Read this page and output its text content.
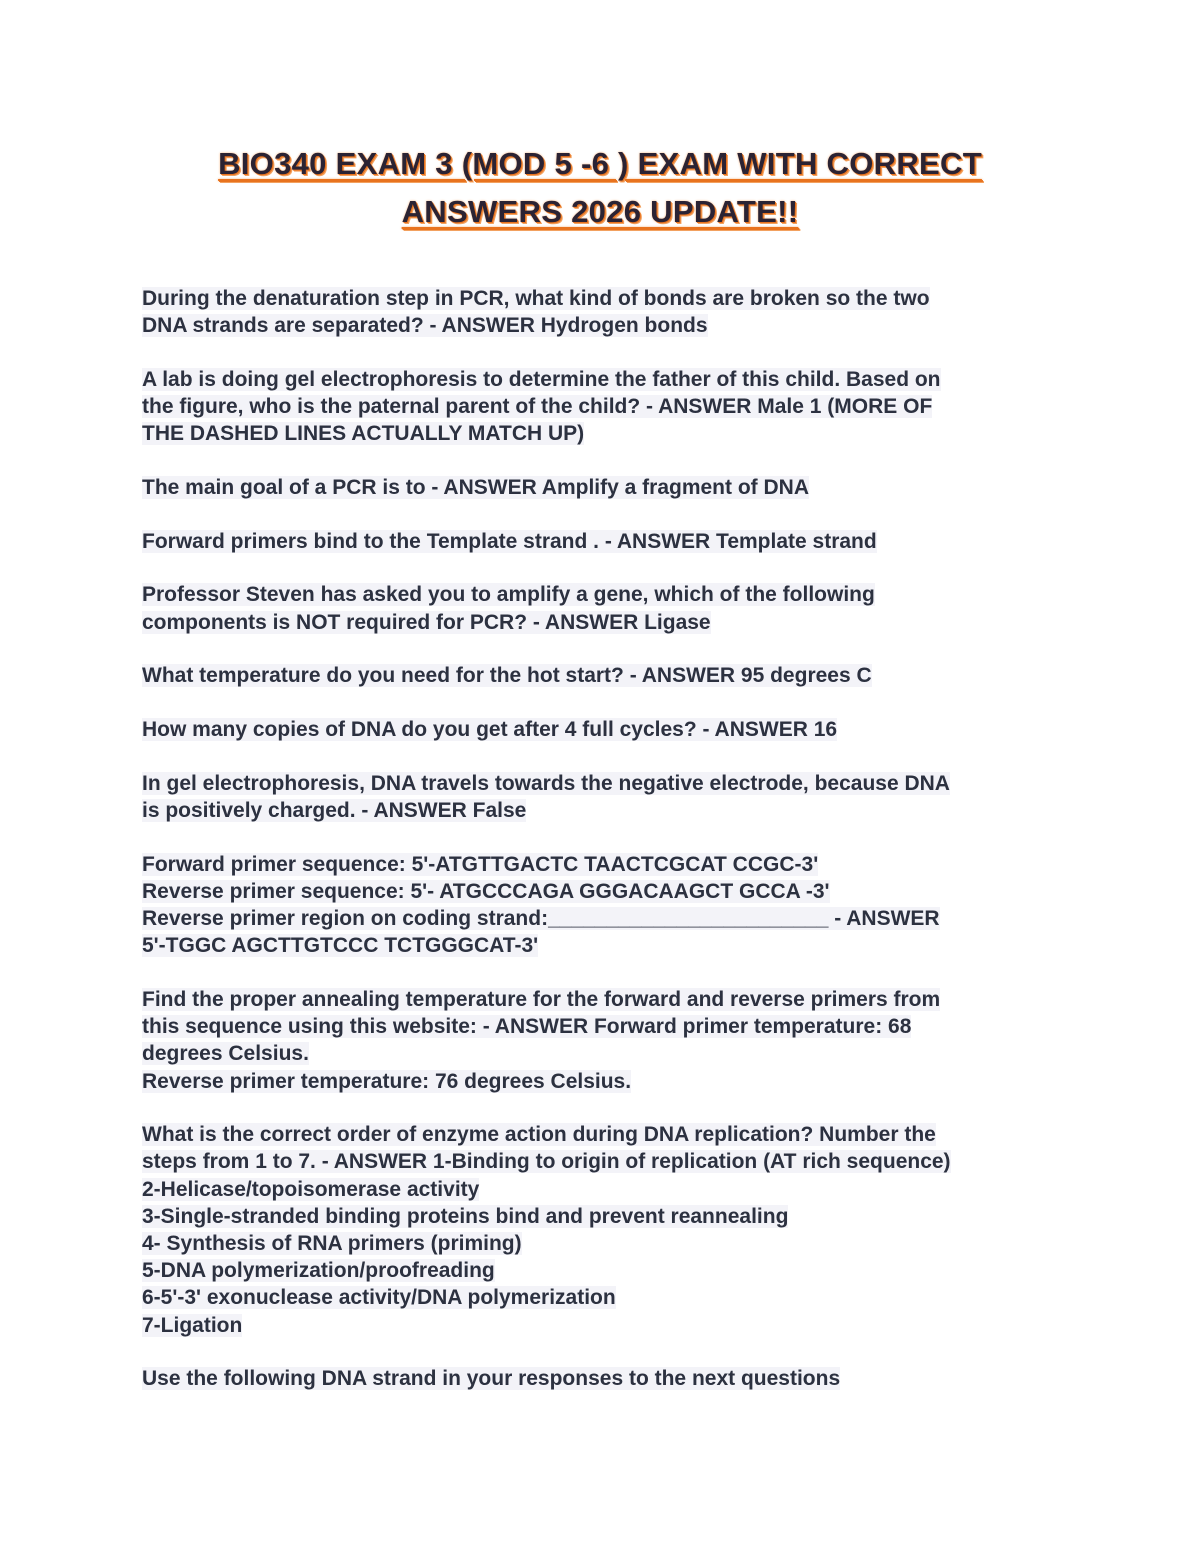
BIO340 EXAM 3 (MOD 5 -6 ) EXAM WITH CORRECT
ANSWERS 2026 UPDATE!!
During the denaturation step in PCR, what kind of bonds are broken so the two
DNA strands are separated? - ANSWER Hydrogen bonds
A lab is doing gel electrophoresis to determine the father of this child. Based on
the figure, who is the paternal parent of the child? - ANSWER Male 1 (MORE OF
THE DASHED LINES ACTUALLY MATCH UP)
The main goal of a PCR is to - ANSWER Amplify a fragment of DNA
Forward primers bind to the Template strand . - ANSWER Template strand
Professor Steven has asked you to amplify a gene, which of the following
components is NOT required for PCR? - ANSWER Ligase
What temperature do you need for the hot start? - ANSWER 95 degrees C
How many copies of DNA do you get after 4 full cycles? - ANSWER 16
In gel electrophoresis, DNA travels towards the negative electrode, because DNA
is positively charged. - ANSWER False
Forward primer sequence: 5'-ATGTTGACTC TAACTCGCAT CCGC-3'
Reverse primer sequence: 5'- ATGCCCAGA GGGACAAGCT GCCA -3'
Reverse primer region on coding strand:________________________ - ANSWER
5'-TGGC AGCTTGTCCC TCTGGGCAT-3'
Find the proper annealing temperature for the forward and reverse primers from
this sequence using this website: - ANSWER Forward primer temperature: 68
degrees Celsius.
Reverse primer temperature: 76 degrees Celsius.
What is the correct order of enzyme action during DNA replication? Number the
steps from 1 to 7. - ANSWER 1-Binding to origin of replication (AT rich sequence)
2-Helicase/topoisomerase activity
3-Single-stranded binding proteins bind and prevent reannealing
4- Synthesis of RNA primers (priming)
5-DNA polymerization/proofreading
6-5'-3' exonuclease activity/DNA polymerization
7-Ligation
Use the following DNA strand in your responses to the next questions
